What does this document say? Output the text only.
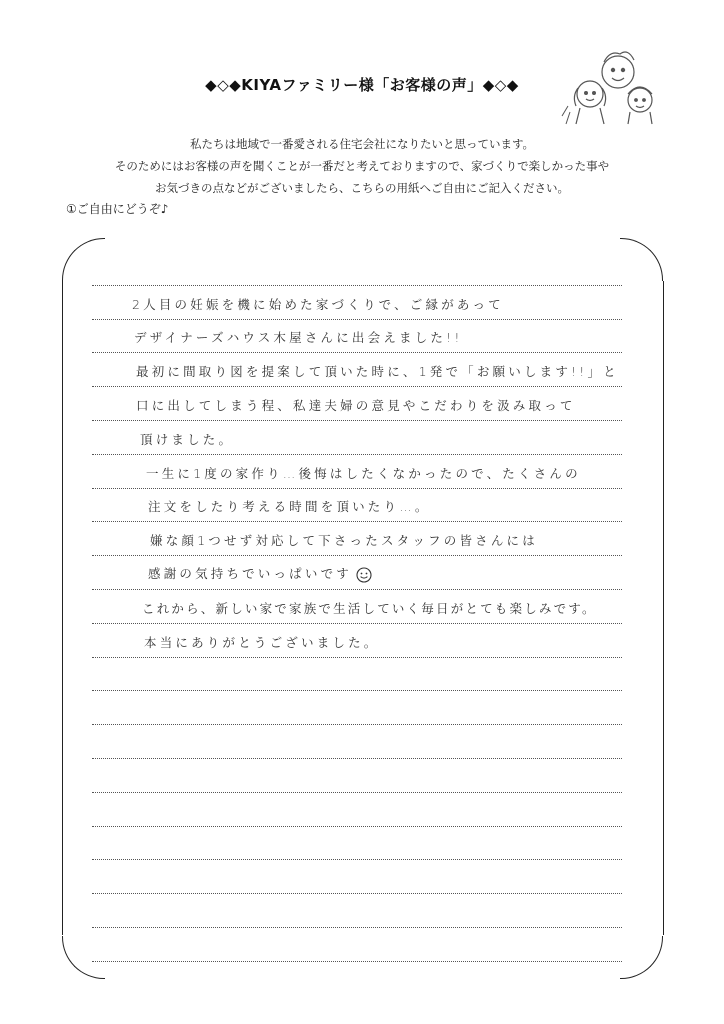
◆◇◆KIYAファミリー様「お客様の声」◆◇◆
私たちは地域で一番愛される住宅会社になりたいと思っています。
そのためにはお客様の声を聞くことが一番だと考えておりますので、家づくりで楽しかった事や
お気づきの点などがございましたら、こちらの用紙へご自由にご記入ください。
①ご自由にどうぞ♪
2人目の妊娠を機に始めた家づくりで、ご縁があって
デザイナーズハウス木屋さんに出会えました!!
最初に間取り図を提案して頂いた時に、1発で「お願いします!!」と
口に出してしまう程、私達夫婦の意見やこだわりを汲み取って
頂けました。
一生に1度の家作り…後悔はしたくなかったので、たくさんの
注文をしたり考える時間を頂いたり…。
嫌な顔1つせず対応して下さったスタッフの皆さんには
感謝の気持ちでいっぱいです
これから、新しい家で家族で生活していく毎日がとても楽しみです。
本当にありがとうございました。
